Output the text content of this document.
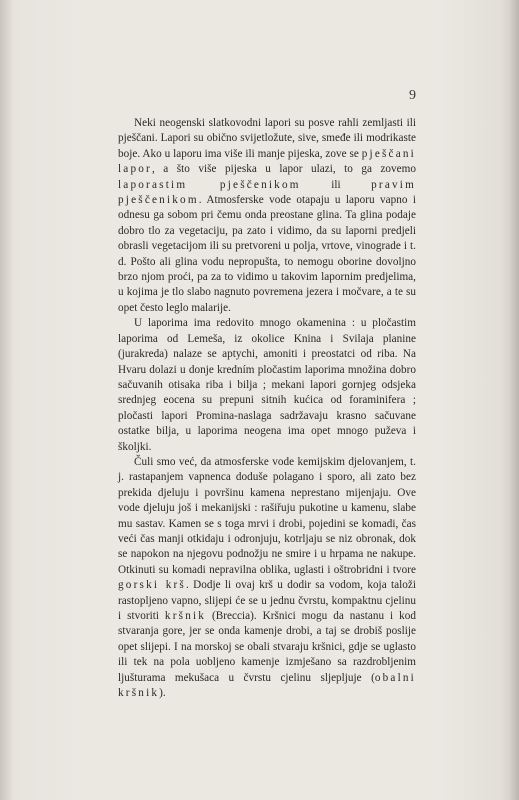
9

Neki neogenski slatkovodni lapori su posve rahli zemljasti ili pješčani. Lapori su obično svijetložute, sive, smeđe ili modrikaste boje. Ako u laporu ima više ili manje pijeska, zove se pješčani lapor, a što više pijeska u lapor ulazi, to ga zovemo laporastim pješčenikom ili pravim pješčenikom. Atmosferske vode otapaju u laporu vapno i odnesu ga sobom pri čemu onda preostane glina. Ta glina podaje dobro tlo za vegetaciju, pa zato i vidimo, da su laporni predjeli obrasli vegetacijom ili su pretvoreni u polja, vrtove, vinograde i t. d. Pošto ali glina vodu nepropušta, to nemogu oborine dovoljno brzo njom proći, pa za to vidimo u takovim lapornim predjelima, u kojima je tlo slabo nagnuto povremena jezera i močvare, a te su opet često leglo malarije.

U laporima ima redovito mnogo okamenina : u pločastim laporima od Lemeša, iz okolice Knina i Svilaja planine (jurakreda) nalaze se aptychi, amoniti i preostatci od riba. Na Hvaru dolazi u donje kredním pločastim laporima množina dobro sačuvanih otisaka riba i bilja ; mekani lapori gornjeg odsjeka srednjeg eocena su prepuni sitnih kućica od foraminifera ; pločasti lapori Promina-naslaga sadržavaju krasno sačuvane ostatke bilja, u laporima neogena ima opet mnogo puževa i školjki.

Čuli smo već, da atmosferske vode kemijskim djelovanjem, t. j. rastapanjem vapnenca doduše polagano i sporo, ali zato bez prekida djeluju i površinu kamena neprestano mijenjaju. Ove vode djeluju još i mekanijski : rašiřuju pukotine u kamenu, slabe mu sastav. Kamen se s toga mrvi i drobi, pojedini se komadi, čas veći čas manji otkidaju i odronjuju, kotrljaju se niz obronak, dok se napokon na njegovu podnožju ne smire i u hrpama ne nakupe. Otkinuti su komadi nepravilna oblika, uglasti i oštrobridni i tvore gorski krš. Dodje li ovaj krš u dodir sa vodom, koja taloži rastopljeno vapno, slijepi će se u jednu čvrstu, kompaktnu cjelinu i stvoriti kršnik (Breccia). Kršnici mogu da nastanu i kod stvaranja gore, jer se onda kamenje drobi, a taj se drobiš poslije opet slijepi. I na morskoj se obali stvaraju kršnici, gdje se uglasto ili tek na pola uobljeno kamenje izmješano sa razdrobljenim ljušturama mekušaca u čvrstu cjelinu sljepljuje (obalni kršnik).
